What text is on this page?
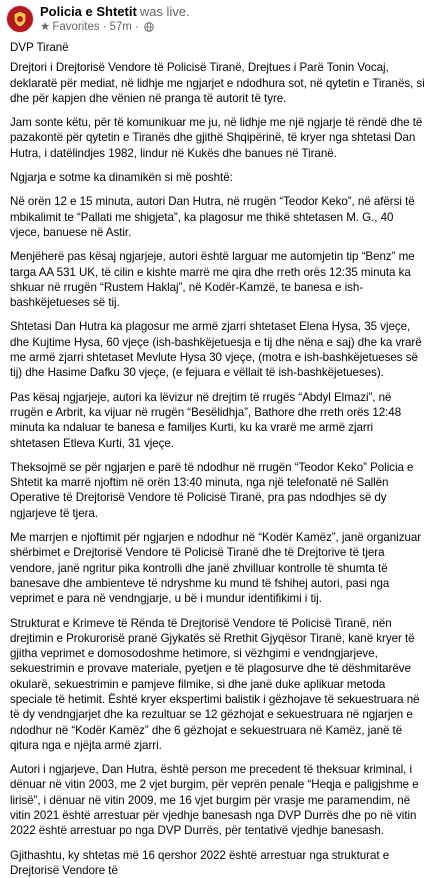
Policia e Shtetit was live.
★ Favorites · 57m ·

DVP Tiranë

Drejtori i Drejtorisë Vendore të Policisë Tiranë, Drejtues i Parë Tonin Vocaj, deklaratë për mediat, në lidhje me ngjarjet e ndodhura sot, në qytetin e Tiranës, si dhe për kapjen dhe vënien në pranga të autorit të tyre.

Jam sonte këtu, për të komunikuar me ju, në lidhje me një ngjarje të rëndë dhe të pazakontë për qytetin e Tiranës dhe gjithë Shqipërinë, të kryer nga shtetasi Dan Hutra, i datëlindjes 1982, lindur në Kukës dhe banues në Tiranë.

Ngjarja e sotme ka dinamikën si më poshtë:

Në orën 12 e 15 minuta, autori Dan Hutra, në rrugën “Teodor Keko”, në afërsi të mbikalimit te “Pallati me shigjeta”, ka plagosur me thikë shtetasen M. G., 40 vjece, banuese në Astir.

Menjëherë pas kësaj ngjarjeje, autori është larguar me automjetin tip “Benz” me targa AA 531 UK, të cilin e kishte marrë me qira dhe rreth orës 12:35 minuta ka shkuar në rrugën “Rustem Haklaj”, në Kodër-Kamzë, te banesa e ish-bashkëjetueses së tij.

Shtetasi Dan Hutra ka plagosur me armë zjarri shtetaset Elena Hysa, 35 vjeçe, dhe Kujtime Hysa, 60 vjeçe (ish-bashkëjetuesja e tij dhe nëna e saj) dhe ka vrarë me armë zjarri shtetaset Mevlute Hysa 30 vjeçe, (motra e ish-bashkëjetueses së tij) dhe Hasime Dafku 30 vjeçe, (e fejuara e vëllait të ish-bashkëjetueses).

Pas kësaj ngjarjeje, autori ka lëvizur në drejtim të rrugës “Abdyl Elmazi”, në rrugën e Arbrit, ka vijuar në rrugën “Besëlidhja”, Bathore dhe rreth orës 12:48 minuta ka ndaluar te banesa e familjes Kurti, ku ka vrarë me armë zjarri shtetasen Etleva Kurti, 31 vjeçe.

Theksojmë se për ngjarjen e parë të ndodhur në rrugën “Teodor Keko” Policia e Shtetit ka marrë njoftim në orën 13:40 minuta, nga një telefonatë në Sallën Operative të Drejtorisë Vendore të Policisë Tiranë, pra pas ndodhjes së dy ngjarjeve të tjera.

Me marrjen e njoftimit për ngjarjen e ndodhur në “Kodër Kamëz”, janë organizuar shërbimet e Drejtorisë Vendore të Policisë Tiranë dhe të Drejtorive të tjera vendore, janë ngritur pika kontrolli dhe janë zhvilluar kontrolle të shumta të banesave dhe ambienteve të ndryshme ku mund të fshihej autori, pasi nga veprimet e para në vendngjarje, u bë i mundur identifikimi i tij.

Strukturat e Krimeve të Rënda të Drejtorisë Vendore të Policisë Tiranë, nën drejtimin e Prokurorisë pranë Gjykatës së Rrethit Gjyqësor Tiranë, kanë kryer të gjitha veprimet e domosodoshme hetimore, si vëzhgimi e vendngjarjeve, sekuestrimin e provave materiale, pyetjen e të plagosurve dhe të dëshmitarëve okularë, sekuestrimin e pamjeve filmike, si dhe janë duke aplikuar metoda speciale të hetimit. Është kryer ekspertimi balistik i gëzhojave të sekuestruara në të dy vendngjarjet dhe ka rezultuar se 12 gëzhojat e sekuestruara në ngjarjen e ndodhur në “Kodër Kamëz” dhe 6 gëzhojat e sekuestruara në Kamëz, janë të qitura nga e njëjta armë zjarri.

Autori i ngjarjeve, Dan Hutra, është person me precedent të theksuar kriminal, i dënuar në vitin 2003, me 2 vjet burgim, për veprën penale “Heqja e paligjshme e lirisë”, i dënuar në vitin 2009, me 16 vjet burgim për vrasje me paramendim, në vitin 2021 është arrestuar për vjedhje banesash nga DVP Durrës dhe po në vitin 2022 është arrestuar po nga DVP Durrës, për tentativë vjedhje banesash.

Gjithashtu, ky shtetas më 16 qershor 2022 është arrestuar nga strukturat e Drejtorisë Vendore të
